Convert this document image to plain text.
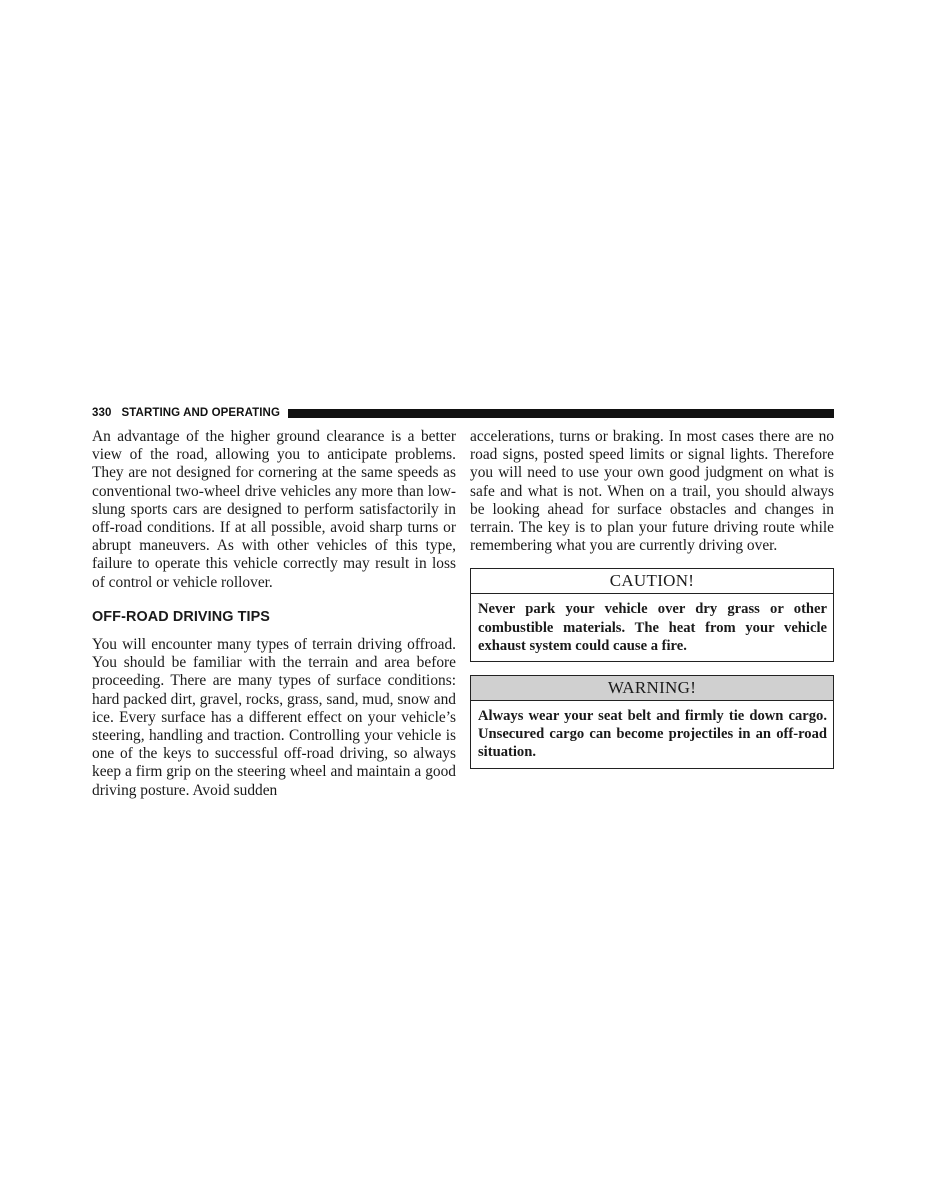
330 STARTING AND OPERATING

An advantage of the higher ground clearance is a better view of the road, allowing you to anticipate problems. They are not designed for cornering at the same speeds as conventional two-wheel drive vehicles any more than low-slung sports cars are designed to perform satisfactorily in off-road conditions. If at all possible, avoid sharp turns or abrupt maneuvers. As with other vehicles of this type, failure to operate this vehicle correctly may result in loss of control or vehicle rollover.

OFF-ROAD DRIVING TIPS

You will encounter many types of terrain driving offroad. You should be familiar with the terrain and area before proceeding. There are many types of surface conditions: hard packed dirt, gravel, rocks, grass, sand, mud, snow and ice. Every surface has a different effect on your vehicle’s steering, handling and traction. Controlling your vehicle is one of the keys to successful off-road driving, so always keep a firm grip on the steering wheel and maintain a good driving posture. Avoid sudden

accelerations, turns or braking. In most cases there are no road signs, posted speed limits or signal lights. Therefore you will need to use your own good judgment on what is safe and what is not. When on a trail, you should always be looking ahead for surface obstacles and changes in terrain. The key is to plan your future driving route while remembering what you are currently driving over.

CAUTION!
Never park your vehicle over dry grass or other combustible materials. The heat from your vehicle exhaust system could cause a fire.
WARNING!
Always wear your seat belt and firmly tie down cargo. Unsecured cargo can become projectiles in an off-road situation.
